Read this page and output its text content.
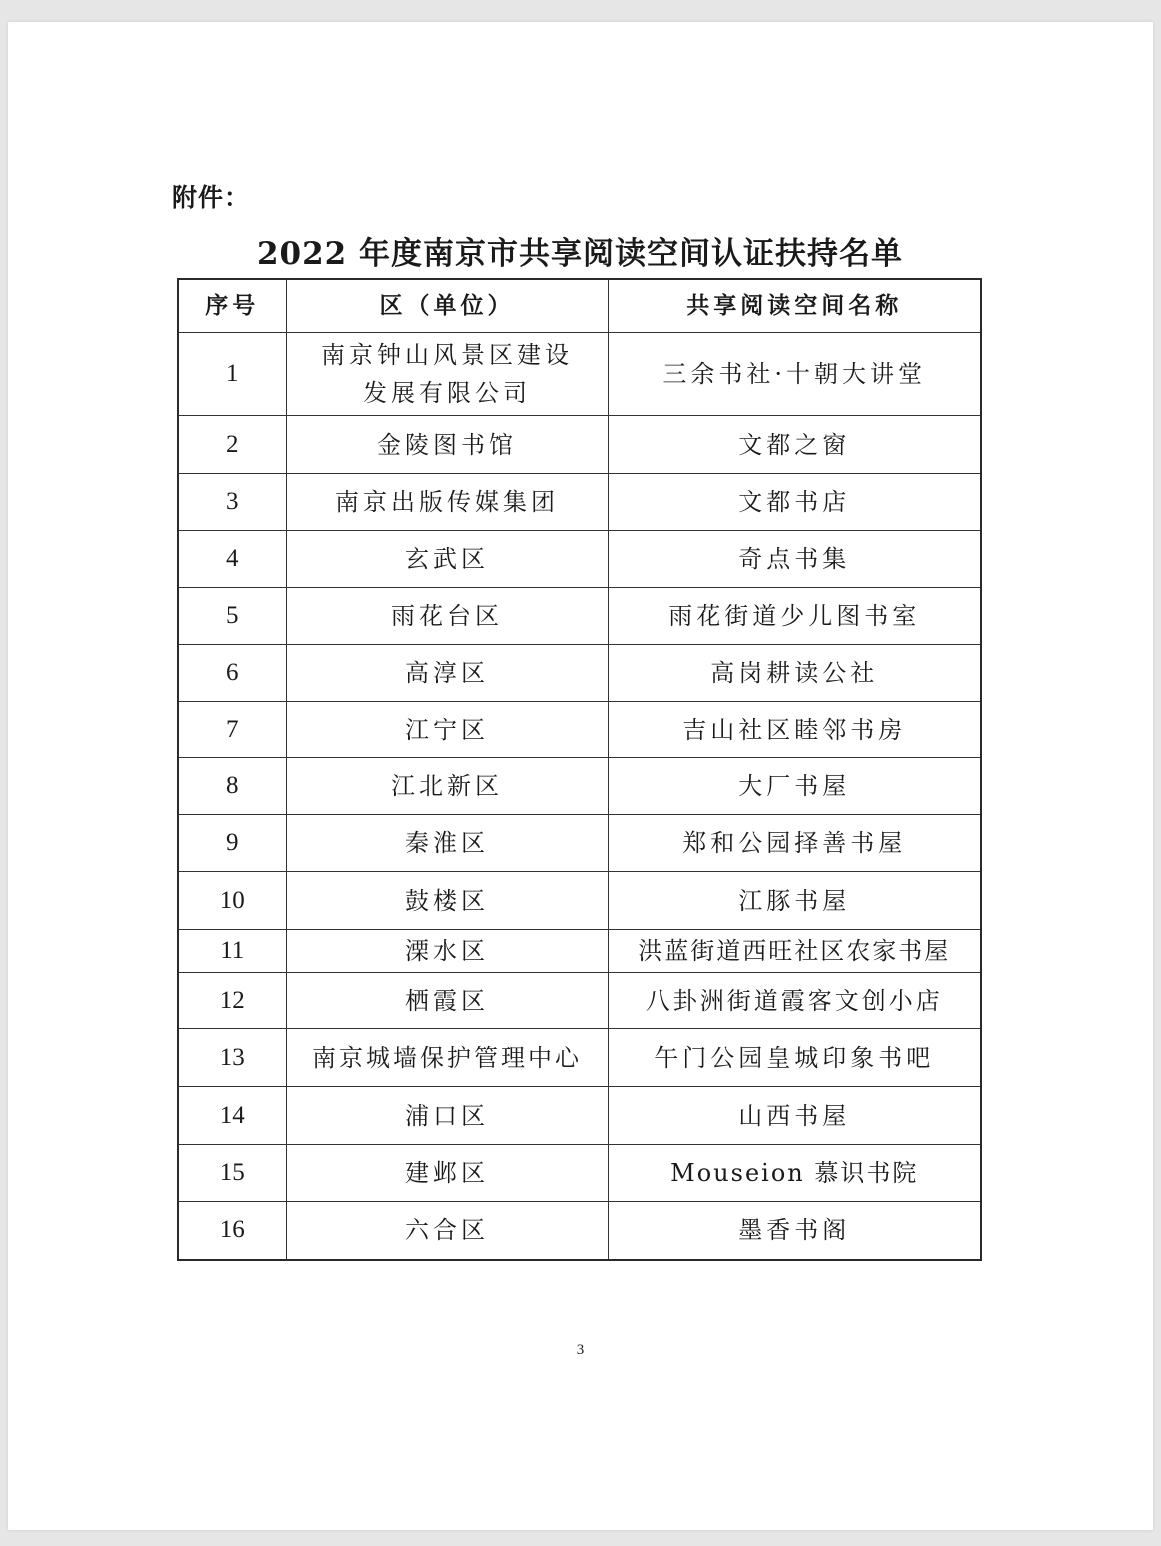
附件：
2022 年度南京市共享阅读空间认证扶持名单
序号	区（单位）	共享阅读空间名称
1	南京钟山风景区建设发展有限公司	三余书社·十朝大讲堂
2	金陵图书馆	文都之窗
3	南京出版传媒集团	文都书店
4	玄武区	奇点书集
5	雨花台区	雨花街道少儿图书室
6	高淳区	高岗耕读公社
7	江宁区	吉山社区睦邻书房
8	江北新区	大厂书屋
9	秦淮区	郑和公园择善书屋
10	鼓楼区	江豚书屋
11	溧水区	洪蓝街道西旺社区农家书屋
12	栖霞区	八卦洲街道霞客文创小店
13	南京城墙保护管理中心	午门公园皇城印象书吧
14	浦口区	山西书屋
15	建邺区	Mouseion 慕识书院
16	六合区	墨香书阁
3
